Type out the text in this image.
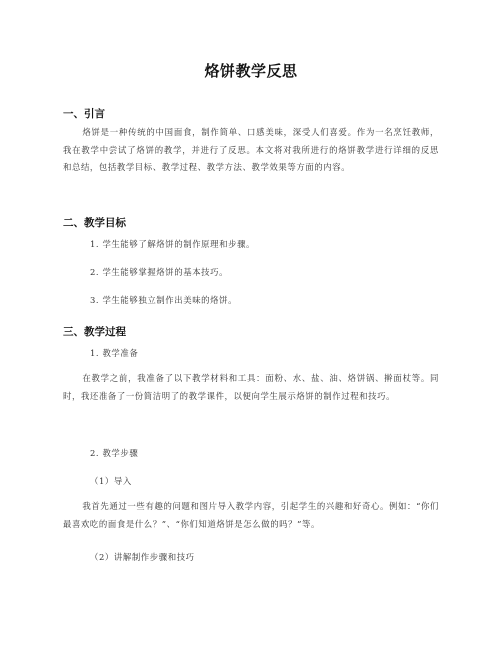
烙饼教学反思
一、引言
烙饼是一种传统的中国面食，制作简单、口感美味，深受人们喜爱。作为一名烹饪教师，我在教学中尝试了烙饼的教学，并进行了反思。本文将对我所进行的烙饼教学进行详细的反思和总结，包括教学目标、教学过程、教学方法、教学效果等方面的内容。
二、教学目标
1. 学生能够了解烙饼的制作原理和步骤。
2. 学生能够掌握烙饼的基本技巧。
3. 学生能够独立制作出美味的烙饼。
三、教学过程
1. 教学准备
在教学之前，我准备了以下教学材料和工具：面粉、水、盐、油、烙饼锅、擀面杖等。同时，我还准备了一份简洁明了的教学课件，以便向学生展示烙饼的制作过程和技巧。
2. 教学步骤
（1）导入
我首先通过一些有趣的问题和图片导入教学内容，引起学生的兴趣和好奇心。例如：“你们最喜欢吃的面食是什么？”、“你们知道烙饼是怎么做的吗？”等。
（2）讲解制作步骤和技巧
